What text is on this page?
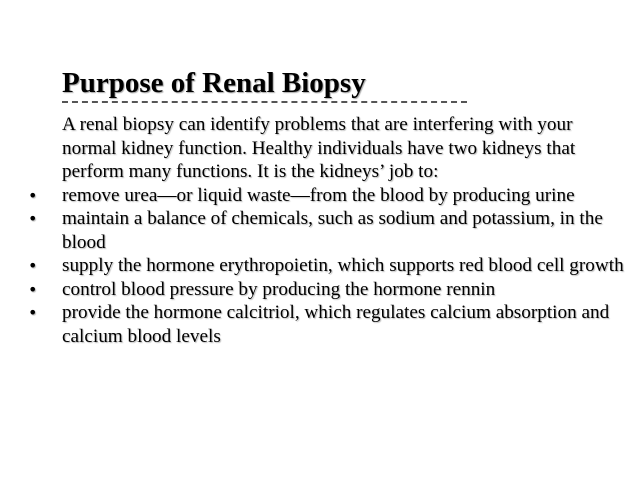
Purpose of Renal Biopsy

A renal biopsy can identify problems that are interfering with your normal kidney function. Healthy individuals have two kidneys that perform many functions. It is the kidneys’ job to:

•	remove urea—or liquid waste—from the blood by producing urine
•	maintain a balance of chemicals, such as sodium and potassium, in the blood
•	supply the hormone erythropoietin, which supports red blood cell growth
•	control blood pressure by producing the hormone rennin
•	provide the hormone calcitriol, which regulates calcium absorption and calcium blood levels
